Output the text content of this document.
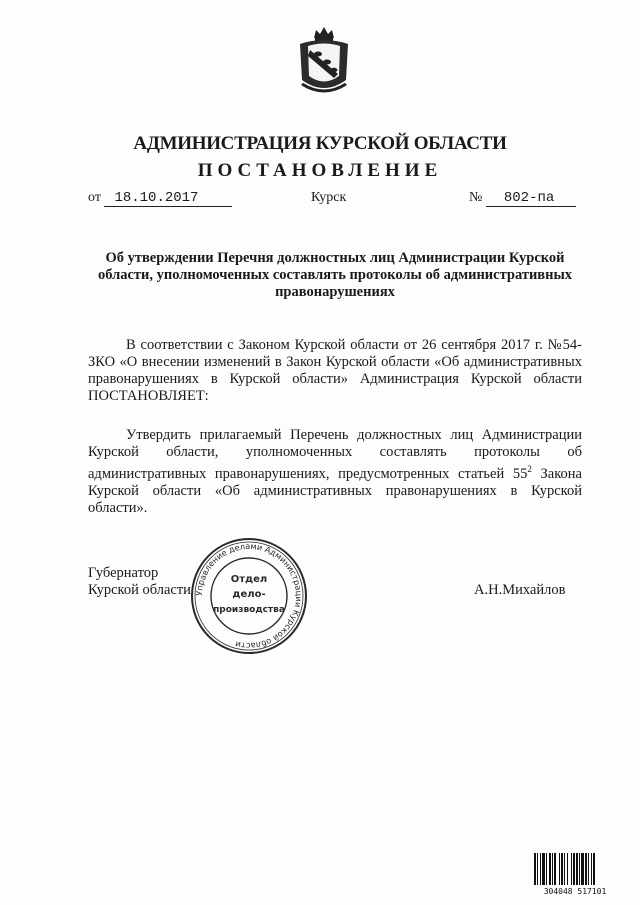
АДМИНИСТРАЦИЯ КУРСКОЙ ОБЛАСТИ
ПОСТАНОВЛЕНИЕ
от 18.10.2017	Курск	№ 802-па
Об утверждении Перечня должностных лиц Администрации Курской области, уполномоченных составлять протоколы об административных правонарушениях
В соответствии с Законом Курской области от 26 сентября 2017 г. №54-ЗКО «О внесении изменений в Закон Курской области «Об административных правонарушениях в Курской области» Администрация Курской области ПОСТАНОВЛЯЕТ:
Утвердить прилагаемый Перечень должностных лиц Администрации Курской области, уполномоченных составлять протоколы об административных правонарушениях, предусмотренных статьей $55^2$ Закона Курской области «Об административных правонарушениях в Курской области».
Губернатор
Курской области	А.Н.Михайлов
Управление делами Администрации Курской области
Отдел
дело-
производства
304048 517101
